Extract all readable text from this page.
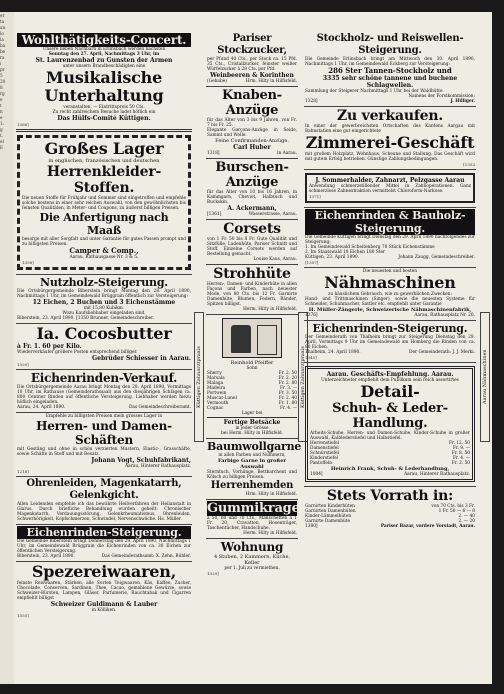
er
ta
an
lo
la
ba
be
ra
i
pr
5
20
8
rg
e
t
n
e
1:
g
t.
el
E
Wohlthätigkeits-Concert.
Unsere lieben Nachbarn in Erlinsbach werden nächsten
Sonntag den 27. April, Nachmittags 3 Uhr, im
St. Laurenzenbad zu Gunsten der Armen
unter unsern Brandbeschädigten eine
Musikalische Unterhaltung
veranstalten. — Eintrittspreis 50 Cts.
Zu recht zahlreichem Besuche ladet höflich ein
Das Hülfs-Comité Küttigen.
1366]
Großes Lager
in englischen, französischen und deutschen
Herrenkleider-Stoffen.
Die neuen Stoffe für Frühjahr und Sommer sind eingetroffen und empfehle solche bestens in einer sehr reichen Auswahl, von den gewöhnlichsten bis feinsten Qualitäten, in Meter- und Coupons, zu äußerst billigen Preisen.
Die Anfertigung nach Maaß
besorge mit aller Sorgfalt und unter Garantie für gutes Passen prompt und zu billigsten Preisen.
Camper & Comp.,
Aarau, Rathausgasse Nr. 3 & 5.
1358]
Nutzholz-Steigerung.
Die Ortsbürgergemeinde Biberstein bringt Montag den 28. April 1890, Nachmittags 1 Uhr, im Gemeindewald Brüggrain öffentlich zur Versteigerung:
12 Eichen, 2 Buchen und 3 Eichenstämme
mit 15,80 Kubikm.
Wozu Kaufsliebhaber eingeladen sind.
Biberstein, 23. April 1890. [1350 Brunner, Gemeindeschreiber.
Ia. Cocosbutter
à Fr. 1. 60 per Kilo.
Wiederverkäufer größere Posten entsprechend billiger.
Gebrüder Schiesser in Aarau.
1320]
Eichenrinden-Verkauf.
Die Ortsbürgergemeinde Aarau bringt Montag den 28. April 1890, Vormittags 10 Uhr, im Rathause (Gemeinderathssaal) aus den diesjährigen Schlägen ca. 800 Centner Rinden auf öffentliche Versteigerung. Liebhaber werden hiezu höflich eingeladen.
Aarau, 24. April 1890.	Das Gemeindeschreiberamt.
Empfehle zu billigsten Preisen mein grosses Lager in
Herren- und Damen-Schäften
mit Gestäng und ohne in schön verzierten Mustern, Elastic-, Grasschäfte, sowie Schäfte in Stoff und mit Besatz.
Johann Vogt, Schuhfabrikant,
Aarau, Hinterer Rathausplatz.
1218]
Ohrenleiden, Magenkatarrh, Gelenkgicht.
Allen Leidenden empfehle ich das bewährte Heilverfahren der Heilanstalt in Glarus. Durch briefliche Behandlung wurden geheilt: Chronischer Magenkatarrh, Verdauungsstörung, Gelenkrheumatismus, Ohrenleiden, Schwerhörigkeit, Kopfschmerzen, Schwindel, Nervenschwäche. Hs. Müller.
Eichenrinden-Steigerung.
Die Gemeinde Biberstein bringt Donnerstag den 29. April 1890, Nachmittags 1 Uhr, im Gemeindewald Brüggrain die Eichenrinden von ca. 30 Eichen zur öffentlichen Versteigerung.
Biberstein, 23. April 1890.	Das Gemeinderathsamt: X. Zehn. Bühler.
Spezereiwaaren,
feinste Reiswaaren, Stärken, alle Sorten Teigwaaren, Käs, Kaffee, Zucker, Chocolade, Conserven, Sardinen, Thee, Cacao, gemahlene Gewürze, sowie Schweizer-Bürsten, Lampen, Gläser, Parfumerie, Rauchtabak und Cigarren empfiehlt billigst
Schweizer Guldimann & Lauber
in Kölliken.
1355]
Küttigen Zahnarztpraxis
Pariser Stockzucker,
per Pfund 40 Cts., per Stock ca. 15 Pfd. 35 Cts., Cristallzucker, feinster weißer Würfelzucker à 28 Cts. per Pfd.
Weinbeeren & Korinthen
(Gehabe)	Hrm. Hilty in Hilfisfeld.
Knaben-Anzüge
für das Alter von 3 bis 9 Jahren, von Fr. 7 bis Fr. 25.
Elegante Garçons-Anzüge in Seide, Sammt und Wolle.
Feine Confirmanden-Anzüge.
Carl Huber
1318]	in Aarau.
Burschen-Anzüge
für das Alter von 10 bis 16 Jahren, in Kammgarn, Cheviot, Halbtuch und Buckskin,
A. Ackermann,
[1361]	Wasserstrasse, Aarau.
Corsets
von 1 Fr. 50 bis 8 Fr. Gute Qualität und Sitzfülle, Ladenhüte, Pariser Schnitt und Stoff. Einzelne Corsets werden auf Bestellung gemacht.
Louise Kaus, Aarau.
Strohhüte
Herren-, Damen- und Kinderhüte in allen Façons und Farben, nach neuester Mode, von 80 Cts. bis 12 Fr. Garnirte Damenhüte, Blumen, Federn, Bänder, Spitzen billigst.
Herm. Hilty in Hilfisfeld.
Reinhold Pfeiffer
Sohn
Sherry	Fr. 2. 50
Marsala	Fr. 2. 20
Malaga	Fr. 2. 80
Madeira	Fr. 3. —
Portwein	Fr. 3. 50
Muscat-Lunel	Fr. 2. 40
Vermouth	Fr. 1. 80
Cognac	Fr. 4. —
Lager bei
Fertige Betsäcke
in jeder Grösse
bei Herm. Hilty in Hilfisfeld.
Baumwollgarne
in allen Farben und Nummern,
Farbige Garne in großer Auswahl
Sterntuch, Vorhänge, Bettbarchent und Kölsch zu billigen Preisen.
Herrenhemden
Hrm. Hilty in Hilfisfeld.
Gummikragen
à 50, 60 und 70 Cts., Manschetten à 1 Fr. 20, Cravatten, Hosenträger, Taschentücher, Handschuhe.
Herm. Hilty in Hilfisfeld.
Wohnung
4 Stuben, 2 Kammern, Küche, Keller
per 1. Juli zu vermiethen.
1329]
Küttigen Zahnarztpraxis	Aarau Nähmaschinen
Stockholz- und Reiswellen-Steigerung.
Die Gemeinde Erlinsbach bringt am Mittwoch den 30. April 1890, Nachmittags 1 Uhr, im Gemeindewald Eckberg zur Versteigerung:
286 Ster Tannen-Stockholz und
3335 sehr schöne tannene und buchene Schlagwellen.
Sammlung der Steigerer Nachmittags 1 Uhr bei der Waldhütte.
Namens der Forstkommission:
1328]	J. Hilliger.
Zu verkaufen.
In einer der gewerbreichsten Ortschaften des Kantons Aargau mit Bahnstation eine gut eingerichtete
Zimmerei-Geschäft
mit großem Holzplatz, Wohnhaus, Scheune und Stallung. Das Geschäft wird mit gutem Erfolg betrieben. Günstige Zahlungsbedingungen.
[1353
J. Sommerhalder, Zahnarzt, Pelzgasse Aarau
Anwendung schmerzstillender Mittel in Zahnoperationen. Ganz schmerzlose Zahnextraktion vermittelst Chloroform-Narkose.
1371]
Eichenrinden & Bauholz-Steigerung.
Die Gemeinde Küttigen bringt Dienstag den 29. April 1890 nachfolgendes zur Steigerung:
1. Im Gemeindewald Scheitenberg 70 Stück Eichenstämme
2. Im Staatswald 18 Eichen 180 Ster
Küttigen, 23. April 1890.	Johann Zaugg, Gemeindeschreiber.
[1357]
Die neuesten und besten
Nähmaschinen
zu häuslichem Gebrauch, wie zu gewerblichen Zwecken:
Hand- und Trittmaschinen (Singer), sowie die neuesten Systeme für Schneider, Schuhmacher, Sattler etc. empfiehlt unter Garantie
H. Müller-Zängerle, Schweizerische Nähmaschinenfabrik,
1376]	Aarau, Rathausplatz Nr. 20.
Eichenrinden-Steigerung.
Der Gemeinderath von Thalheim bringt zur Steigerung Dienstag den 29. April, Vormittags 9 Uhr im Gemeindewald am Homberg die Rinden von ca. 80 Eichen.
Thalheim, 24. April 1890.	Der Gemeinderath: J. J. Merki.
1345]
Aarau. Geschäfts-Empfehlung. Aarau.
Unterzeichneter empfiehlt dem Publikum sein reich assortirtes
Detail-
Schuh- & Leder-Handlung.
Arbeits-Schuhe, Herren- und Damen-Schuhe, Kinder-Schuhe in großer Auswahl, Kalblederstiefel und Halbstiefel.
Herrenstiefel	Fr. 12. 50
Damenstiefel	Fr. 9. —
Schnürstiefel	Fr. 8. 50
Kinderstiefel	Fr. 4. —
Pantoffeln	Fr. 2. 50
Heinrich Frank, Schuh- & Lederhandlung,
1004]	Aarau, Hinterer Rathausplatz.
Stets Vorrath in:
Garnirten Kinderhüten	von 70 Cts. bis 3 Fr.
Garnirten Damenhüten	1 Fr. 50 — 6 — 8
Kinder-Lämmelhüten	2. — 40
Garnirte Damenhüte	2. — 20
1380]	Pariser Bazar, vordere Vorstadt, Aarau.
